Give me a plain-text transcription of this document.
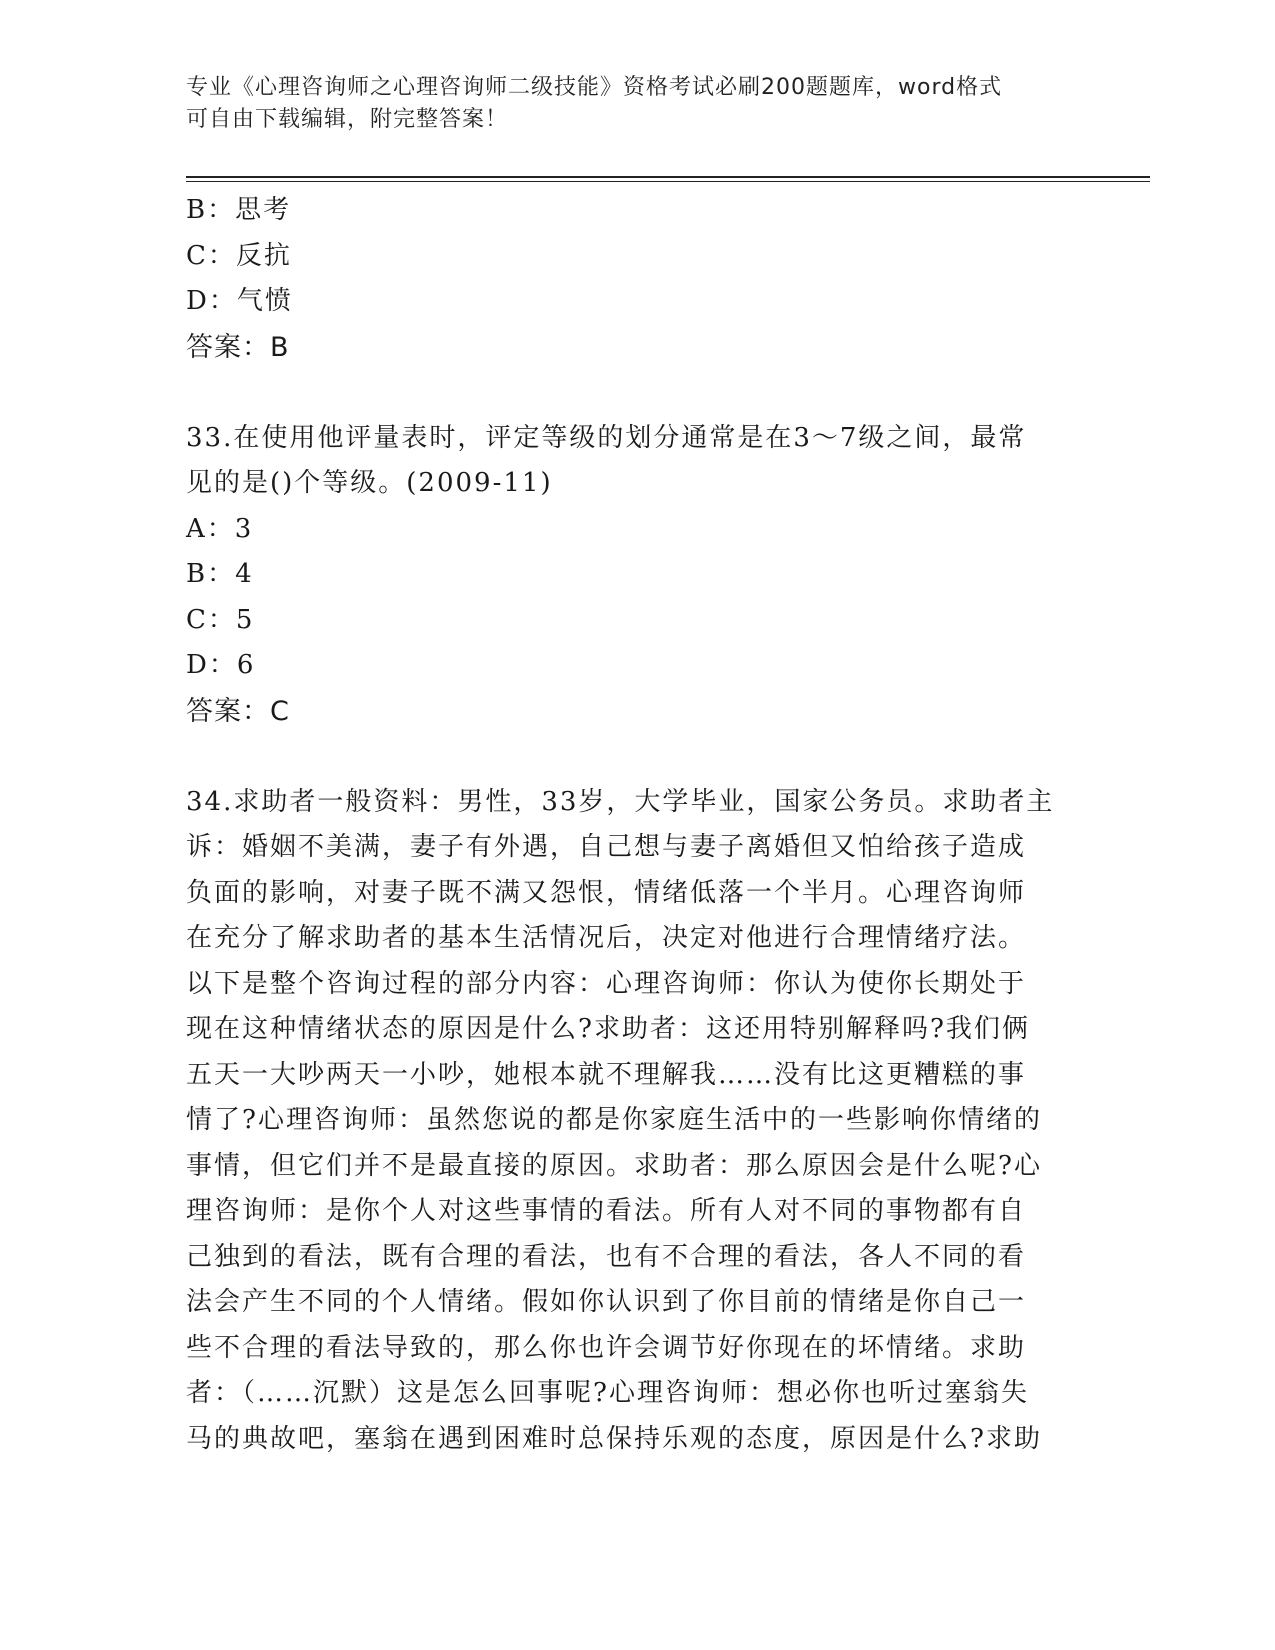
专业《心理咨询师之心理咨询师二级技能》资格考试必刷200题题库，word格式
可自由下载编辑，附完整答案！
B：思考
C：反抗
D：气愤
答案：B
33.在使用他评量表时，评定等级的划分通常是在3～7级之间，最常
见的是()个等级。(2009-11)
A：3
B：4
C：5
D：6
答案：C
34.求助者一般资料：男性，33岁，大学毕业，国家公务员。求助者主
诉：婚姻不美满，妻子有外遇，自己想与妻子离婚但又怕给孩子造成
负面的影响，对妻子既不满又怨恨，情绪低落一个半月。心理咨询师
在充分了解求助者的基本生活情况后，决定对他进行合理情绪疗法。
以下是整个咨询过程的部分内容：心理咨询师：你认为使你长期处于
现在这种情绪状态的原因是什么?求助者：这还用特别解释吗?我们俩
五天一大吵两天一小吵，她根本就不理解我……没有比这更糟糕的事
情了?心理咨询师：虽然您说的都是你家庭生活中的一些影响你情绪的
事情，但它们并不是最直接的原因。求助者：那么原因会是什么呢?心
理咨询师：是你个人对这些事情的看法。所有人对不同的事物都有自
己独到的看法，既有合理的看法，也有不合理的看法，各人不同的看
法会产生不同的个人情绪。假如你认识到了你目前的情绪是你自己一
些不合理的看法导致的，那么你也许会调节好你现在的坏情绪。求助
者：（……沉默）这是怎么回事呢?心理咨询师：想必你也听过塞翁失
马的典故吧，塞翁在遇到困难时总保持乐观的态度，原因是什么?求助
